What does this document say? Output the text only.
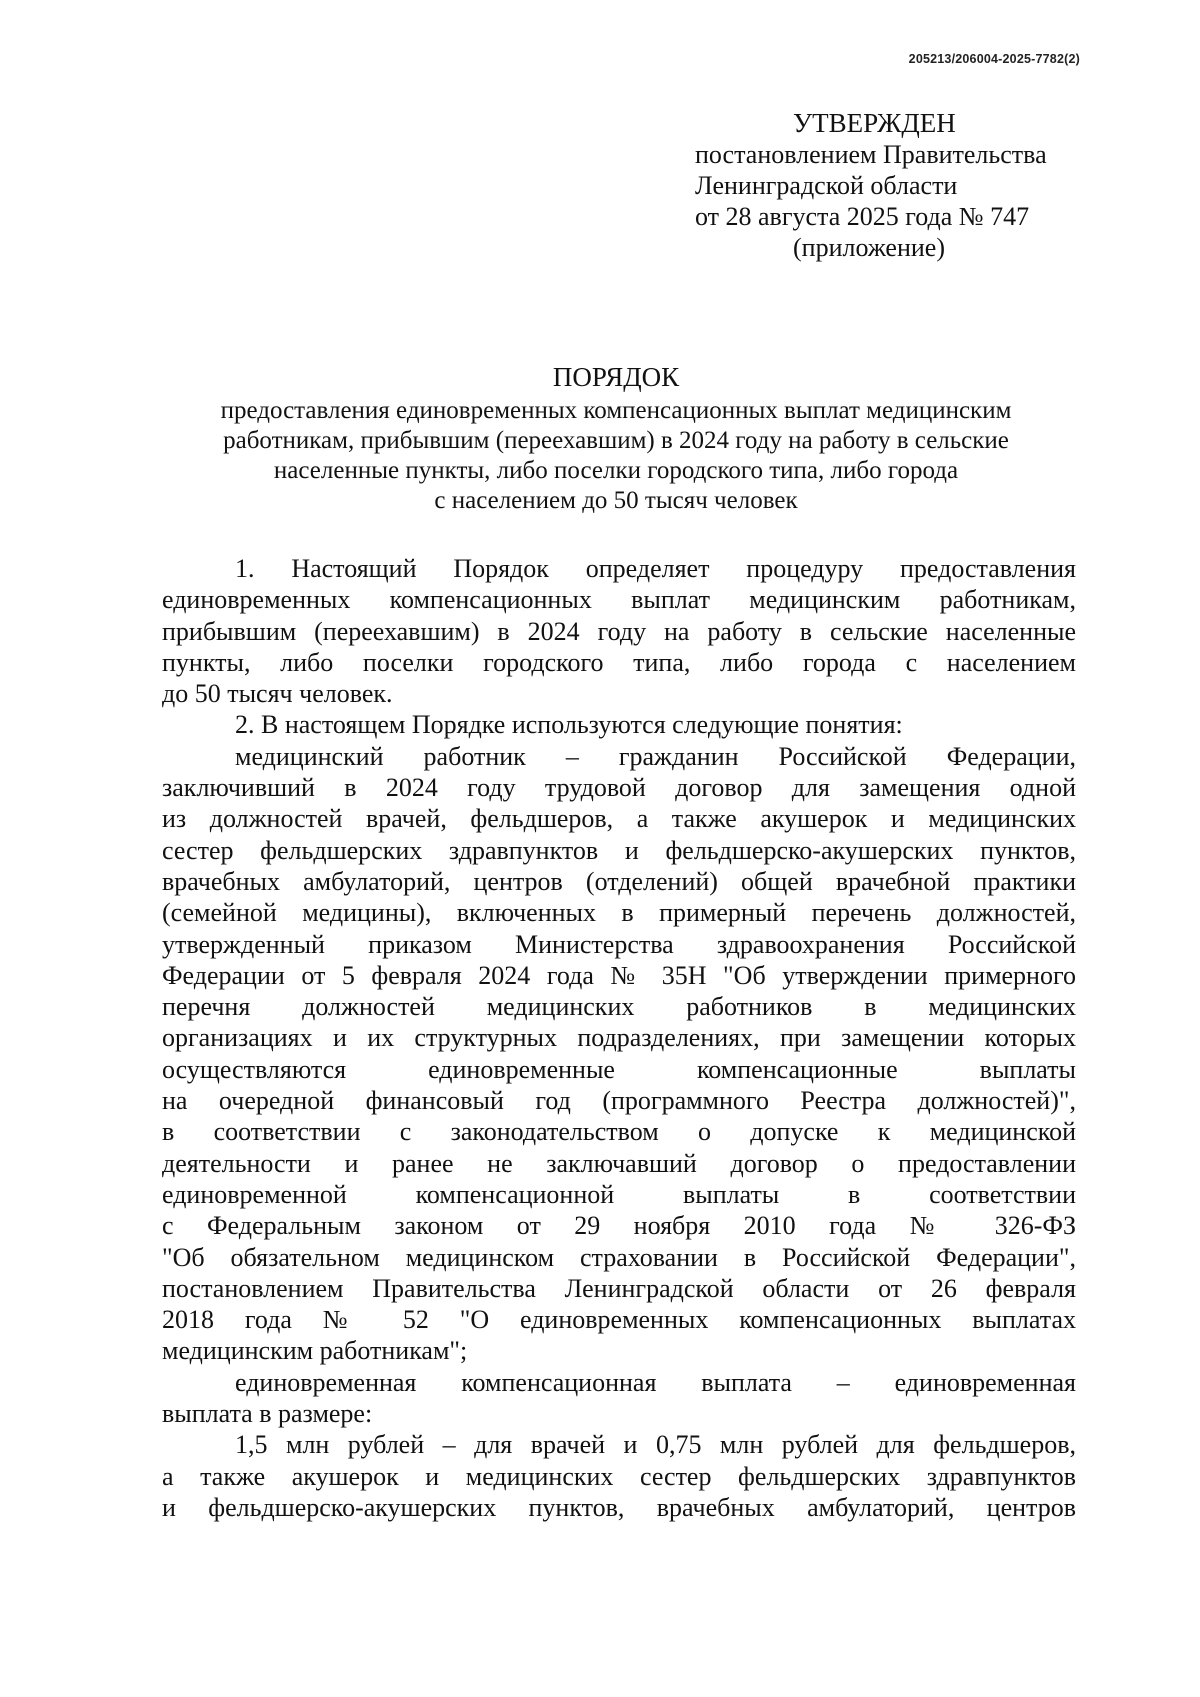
205213/206004-2025-7782(2)
УТВЕРЖДЕН
постановлением Правительства
Ленинградской области
от 28 августа 2025 года № 747
(приложение)
ПОРЯДОК
предоставления единовременных компенсационных выплат медицинским
работникам, прибывшим (переехавшим) в 2024 году на работу в сельские
населенные пункты, либо поселки городского типа, либо города
с населением до 50 тысяч человек
1. Настоящий Порядок определяет процедуру предоставления
единовременных компенсационных выплат медицинским работникам,
прибывшим (переехавшим) в 2024 году на работу в сельские населенные
пункты, либо поселки городского типа, либо города с населением
до 50 тысяч человек.
2. В настоящем Порядке используются следующие понятия:
медицинский работник – гражданин Российской Федерации,
заключивший в 2024 году трудовой договор для замещения одной
из должностей врачей, фельдшеров, а также акушерок и медицинских
сестер фельдшерских здравпунктов и фельдшерско-акушерских пунктов,
врачебных амбулаторий, центров (отделений) общей врачебной практики
(семейной медицины), включенных в примерный перечень должностей,
утвержденный приказом Министерства здравоохранения Российской
Федерации от 5 февраля 2024 года № 35Н "Об утверждении примерного
перечня должностей медицинских работников в медицинских
организациях и их структурных подразделениях, при замещении которых
осуществляются единовременные компенсационные выплаты
на очередной финансовый год (программного Реестра должностей)",
в соответствии с законодательством о допуске к медицинской
деятельности и ранее не заключавший договор о предоставлении
единовременной компенсационной выплаты в соответствии
с Федеральным законом от 29 ноября 2010 года № 326-ФЗ
"Об обязательном медицинском страховании в Российской Федерации",
постановлением Правительства Ленинградской области от 26 февраля
2018 года № 52 "О единовременных компенсационных выплатах
медицинским работникам";
единовременная компенсационная выплата – единовременная
выплата в размере:
1,5 млн рублей – для врачей и 0,75 млн рублей для фельдшеров,
а также акушерок и медицинских сестер фельдшерских здравпунктов
и фельдшерско-акушерских пунктов, врачебных амбулаторий, центров
